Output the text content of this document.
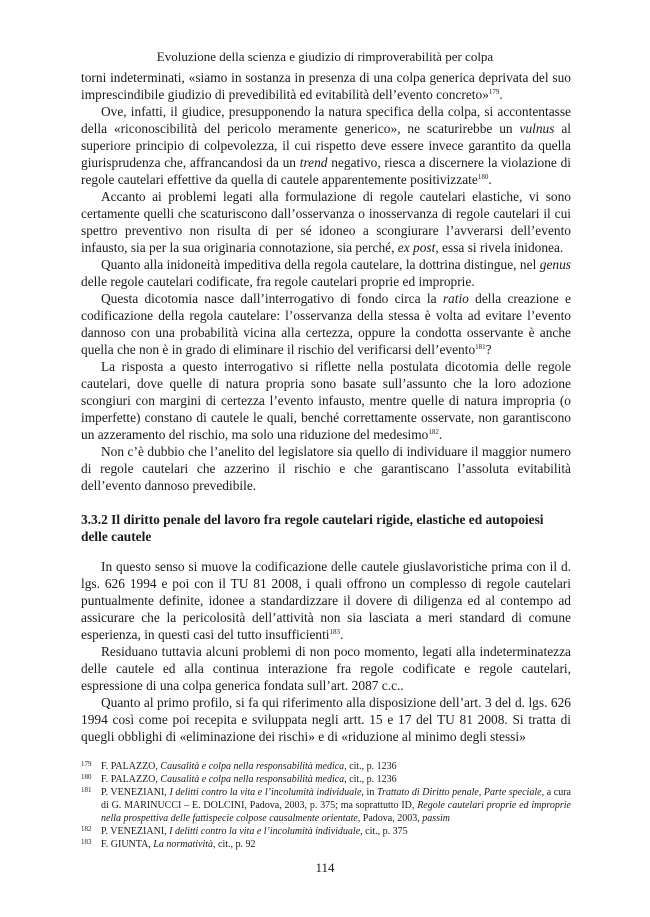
Evoluzione della scienza e giudizio di rimproverabilità per colpa

torni indeterminati, «siamo in sostanza in presenza di una colpa generica deprivata del suo imprescindibile giudizio di prevedibilità ed evitabilità dell’evento concreto»$^{179}$.

Ove, infatti, il giudice, presupponendo la natura specifica della colpa, si accontentasse della «riconoscibilità del pericolo meramente generico», ne scaturirebbe un vulnus al superiore principio di colpevolezza, il cui rispetto deve essere invece garantito da quella giurisprudenza che, affrancandosi da un trend negativo, riesca a discernere la violazione di regole cautelari effettive da quella di cautele apparentemente positivizzate$^{180}$.

Accanto ai problemi legati alla formulazione di regole cautelari elastiche, vi sono certamente quelli che scaturiscono dall’osservanza o inosservanza di regole cautelari il cui spettro preventivo non risulta di per sé idoneo a scongiurare l’avverarsi dell’evento infausto, sia per la sua originaria connotazione, sia perché, ex post, essa si rivela inidonea.

Quanto alla inidoneità impeditiva della regola cautelare, la dottrina distingue, nel genus delle regole cautelari codificate, fra regole cautelari proprie ed improprie.

Questa dicotomia nasce dall’interrogativo di fondo circa la ratio della creazione e codificazione della regola cautelare: l’osservanza della stessa è volta ad evitare l’evento dannoso con una probabilità vicina alla certezza, oppure la condotta osservante è anche quella che non è in grado di eliminare il rischio del verificarsi dell’evento$^{181}$?

La risposta a questo interrogativo si riflette nella postulata dicotomia delle regole cautelari, dove quelle di natura propria sono basate sull’assunto che la loro adozione scongiuri con margini di certezza l’evento infausto, mentre quelle di natura impropria (o imperfette) constano di cautele le quali, benché correttamente osservate, non garantiscono un azzeramento del rischio, ma solo una riduzione del medesimo$^{182}$.

Non c’è dubbio che l’anelito del legislatore sia quello di individuare il maggior numero di regole cautelari che azzerino il rischio e che garantiscano l’assoluta evitabilità dell’evento dannoso prevedibile.

3.3.2 Il diritto penale del lavoro fra regole cautelari rigide, elastiche ed autopoiesi delle cautele

In questo senso si muove la codificazione delle cautele giuslavoristiche prima con il d. lgs. 626 1994 e poi con il TU 81 2008, i quali offrono un complesso di regole cautelari puntualmente definite, idonee a standardizzare il dovere di diligenza ed al contempo ad assicurare che la pericolosità dell’attività non sia lasciata a meri standard di comune esperienza, in questi casi del tutto insufficienti$^{183}$.

Residuano tuttavia alcuni problemi di non poco momento, legati alla indeterminatezza delle cautele ed alla continua interazione fra regole codificate e regole cautelari, espressione di una colpa generica fondata sull’art. 2087 c.c..

Quanto al primo profilo, si fa qui riferimento alla disposizione dell’art. 3 del d. lgs. 626 1994 così come poi recepita e sviluppata negli artt. 15 e 17 del TU 81 2008. Si tratta di quegli obblighi di «eliminazione dei rischi» e di «riduzione al minimo degli stessi»

179 F. PALAZZO, Causalità e colpa nella responsabilità medica, cit., p. 1236
180 F. PALAZZO, Causalità e colpa nella responsabilità medica, cit., p. 1236
181 P. VENEZIANI, I delitti contro la vita e l’incolumità individuale, in Trattato di Diritto penale, Parte speciale, a cura di G. MARINUCCI – E. DOLCINI, Padova, 2003, p. 375; ma soprattutto ID, Regole cautelari proprie ed improprie nella prospettiva delle fattispecie colpose causalmente orientate, Padova, 2003, passim
182 P. VENEZIANI, I delitti contro la vita e l’incolumità individuale, cit., p. 375
183 F. GIUNTA, La normatività, cit., p. 92
114
